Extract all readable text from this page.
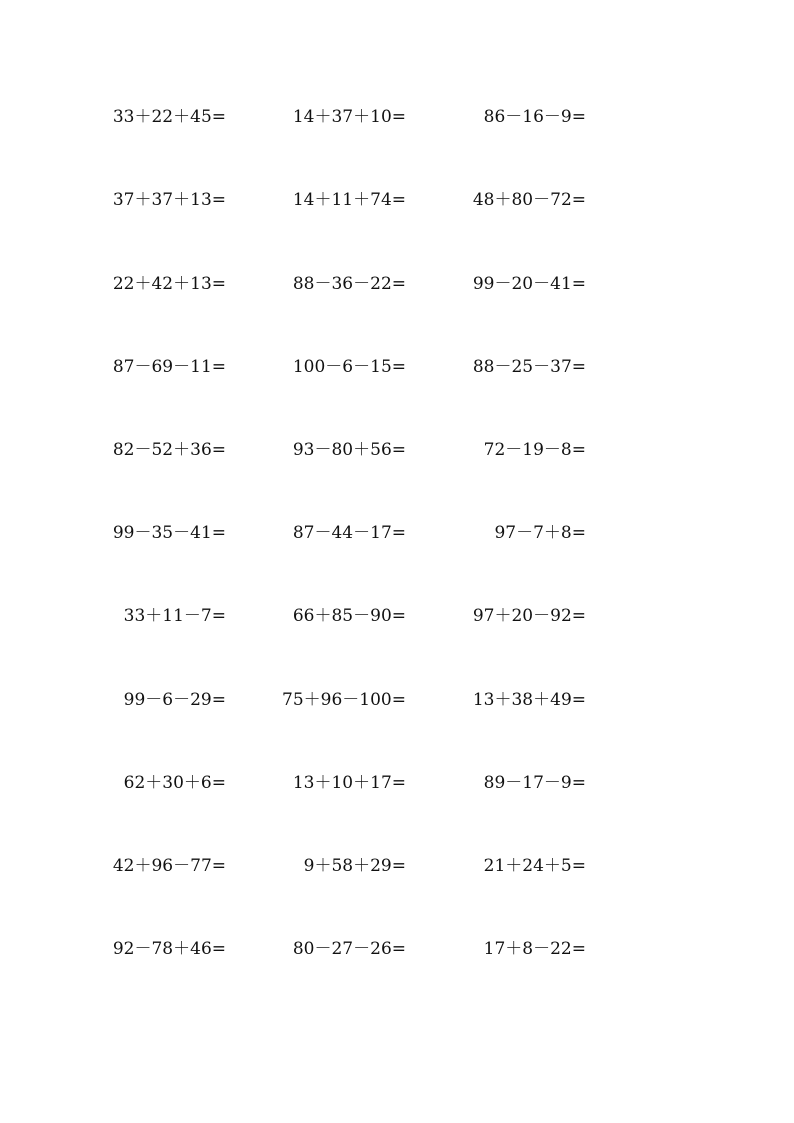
33＋22＋45=	14＋37＋10=	86－16－9=
37＋37＋13=	14＋11＋74=	48＋80－72=
22＋42＋13=	88－36－22=	99－20－41=
87－69－11=	100－6－15=	88－25－37=
82－52＋36=	93－80＋56=	72－19－8=
99－35－41=	87－44－17=	97－7＋8=
33＋11－7=	66＋85－90=	97＋20－92=
99－6－29=	75＋96－100=	13＋38＋49=
62＋30＋6=	13＋10＋17=	89－17－9=
42＋96－77=	9＋58＋29=	21＋24＋5=
92－78＋46=	80－27－26=	17＋8－22=
